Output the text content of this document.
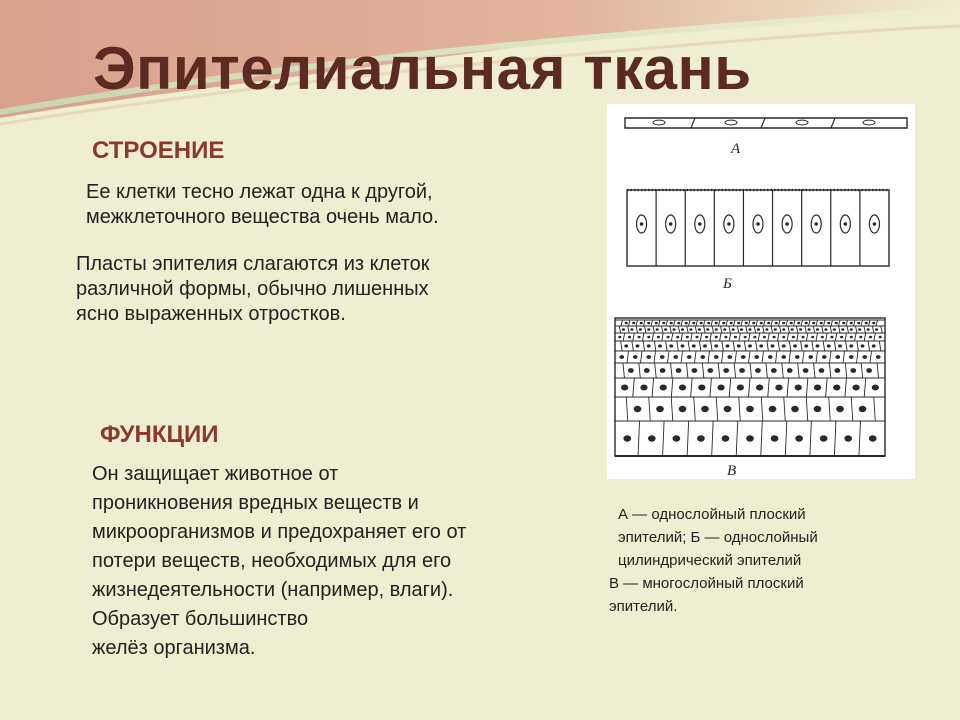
Эпителиальная ткань
СТРОЕНИЕ

Ее клетки тесно лежат одна к другой,
межклеточного вещества очень мало.

Пласты эпителия слагаются из клеток
различной формы, обычно лишенных
ясно выраженных отростков.

ФУНКЦИИ

Он защищает животное от
проникновения вредных веществ и
микроорганизмов и предохраняет его от
потери веществ, необходимых для его
жизнедеятельности (например, влаги).

Образует большинство
желёз организма.

А
Б
В

А — однослойный плоский
эпителий; Б — однослойный
цилиндрический эпителий
В — многослойный плоский
эпителий.
